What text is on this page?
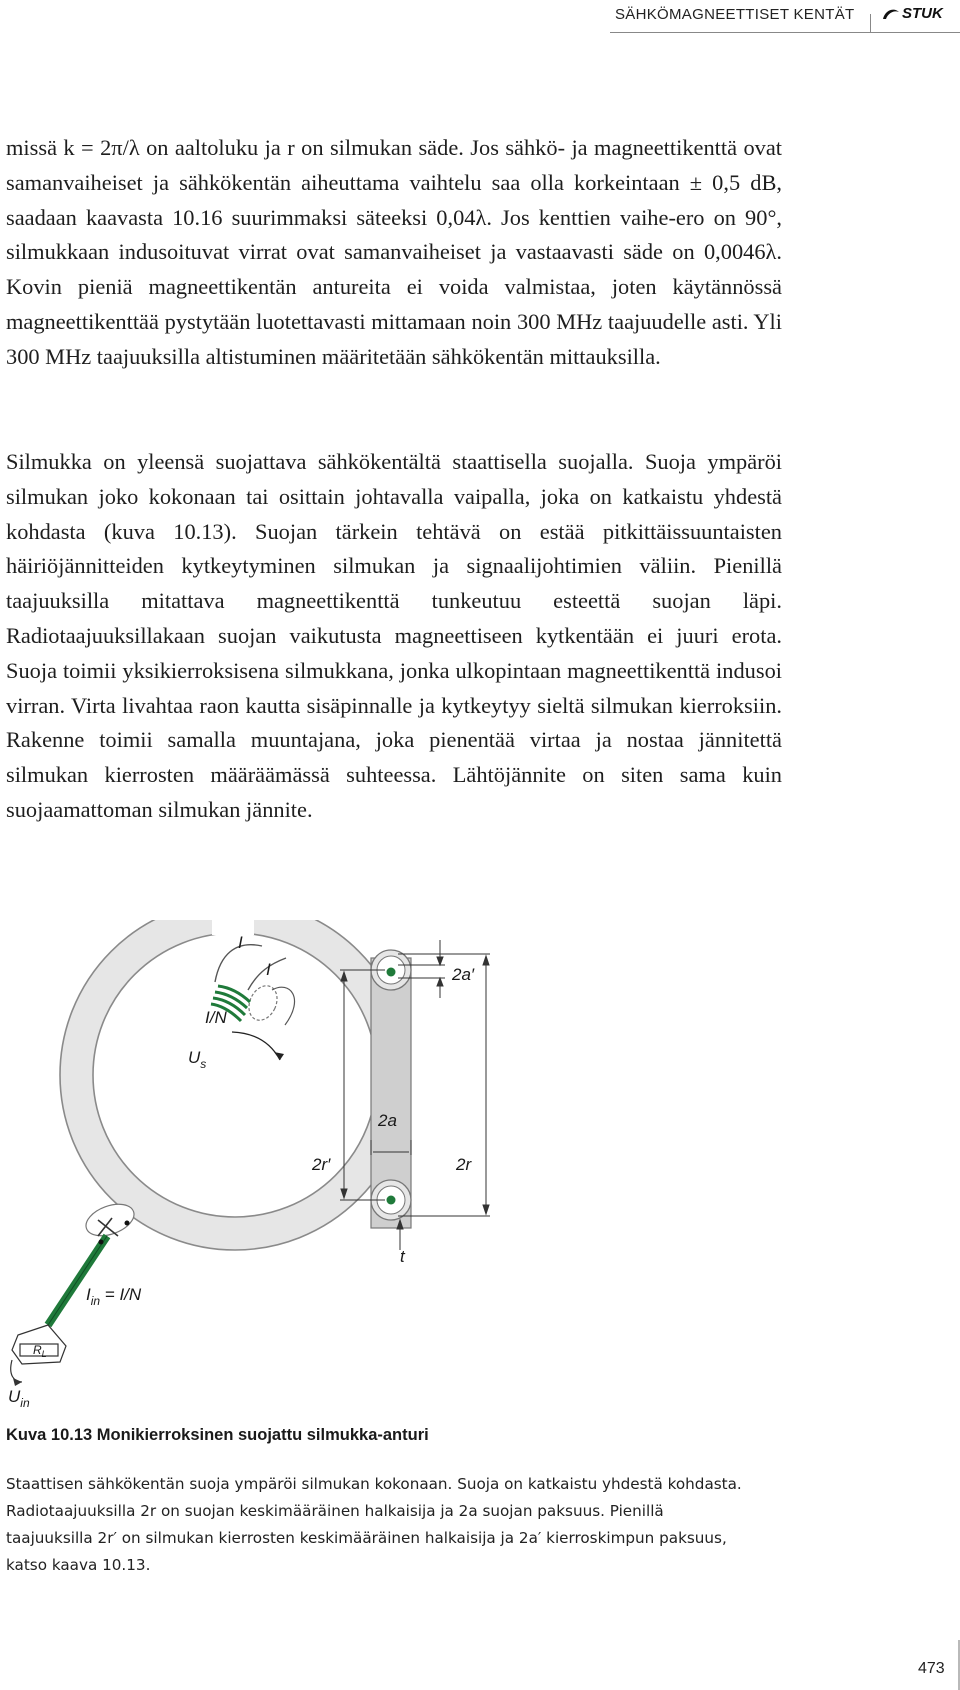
SÄHKÖMAGNEETTISET KENTÄT	STUK

missä k = 2π/λ on aaltoluku ja r on silmukan säde. Jos sähkö- ja magneettikenttä ovat samanvaiheiset ja sähkökentän aiheuttama vaihtelu saa olla korkeintaan ± 0,5 dB, saadaan kaavasta 10.16 suurimmaksi säteeksi 0,04λ. Jos kenttien vaihe-ero on 90°, silmukkaan indusoituvat virrat ovat samanvaiheiset ja vastaavasti säde on 0,0046λ. Kovin pieniä magneettikentän antureita ei voida valmistaa, joten käytännössä magneettikenttää pystytään luotettavasti mittamaan noin 300 MHz taajuudelle asti. Yli 300 MHz taajuuksilla altistuminen määritetään sähkökentän mittauksilla.

Silmukka on yleensä suojattava sähkökentältä staattisella suojalla. Suoja ympäröi silmukan joko kokonaan tai osittain johtavalla vaipalla, joka on katkaistu yhdestä kohdasta (kuva 10.13). Suojan tärkein tehtävä on estää pitkittäissuuntaisten häiriöjännitteiden kytkeytyminen silmukan ja signaalijohtimien väliin. Pienillä taajuuksilla mitattava magneettikenttä tunkeutuu esteettä suojan läpi. Radiotaajuuksillakaan suojan vaikutusta magneettiseen kytkentään ei juuri erota. Suoja toimii yksikierroksisena silmukkana, jonka ulkopintaan magneettikenttä indusoi virran. Virta livahtaa raon kautta sisäpinnalle ja kytkeytyy sieltä silmukan kierroksiin. Rakenne toimii samalla muuntajana, joka pienentää virtaa ja nostaa jännitettä silmukan kierrosten määräämässä suhteessa. Lähtöjännite on siten sama kuin suojaamattoman silmukan jännite.

I
I
I/N
$U_s$
2a′
2a
2r′	2r
t
$I_{in} = I/N$
RL
$U_{in}$
Kuva 10.13 Monikierroksinen suojattu silmukka-anturi

Staattisen sähkökentän suoja ympäröi silmukan kokonaan. Suoja on katkaistu yhdestä kohdasta. Radiotaajuuksilla 2r on suojan keskimääräinen halkaisija ja 2a suojan paksuus. Pienillä taajuuksilla 2r′ on silmukan kierrosten keskimääräinen halkaisija ja 2a′ kierroskimpun paksuus, katso kaava 10.13.

473
